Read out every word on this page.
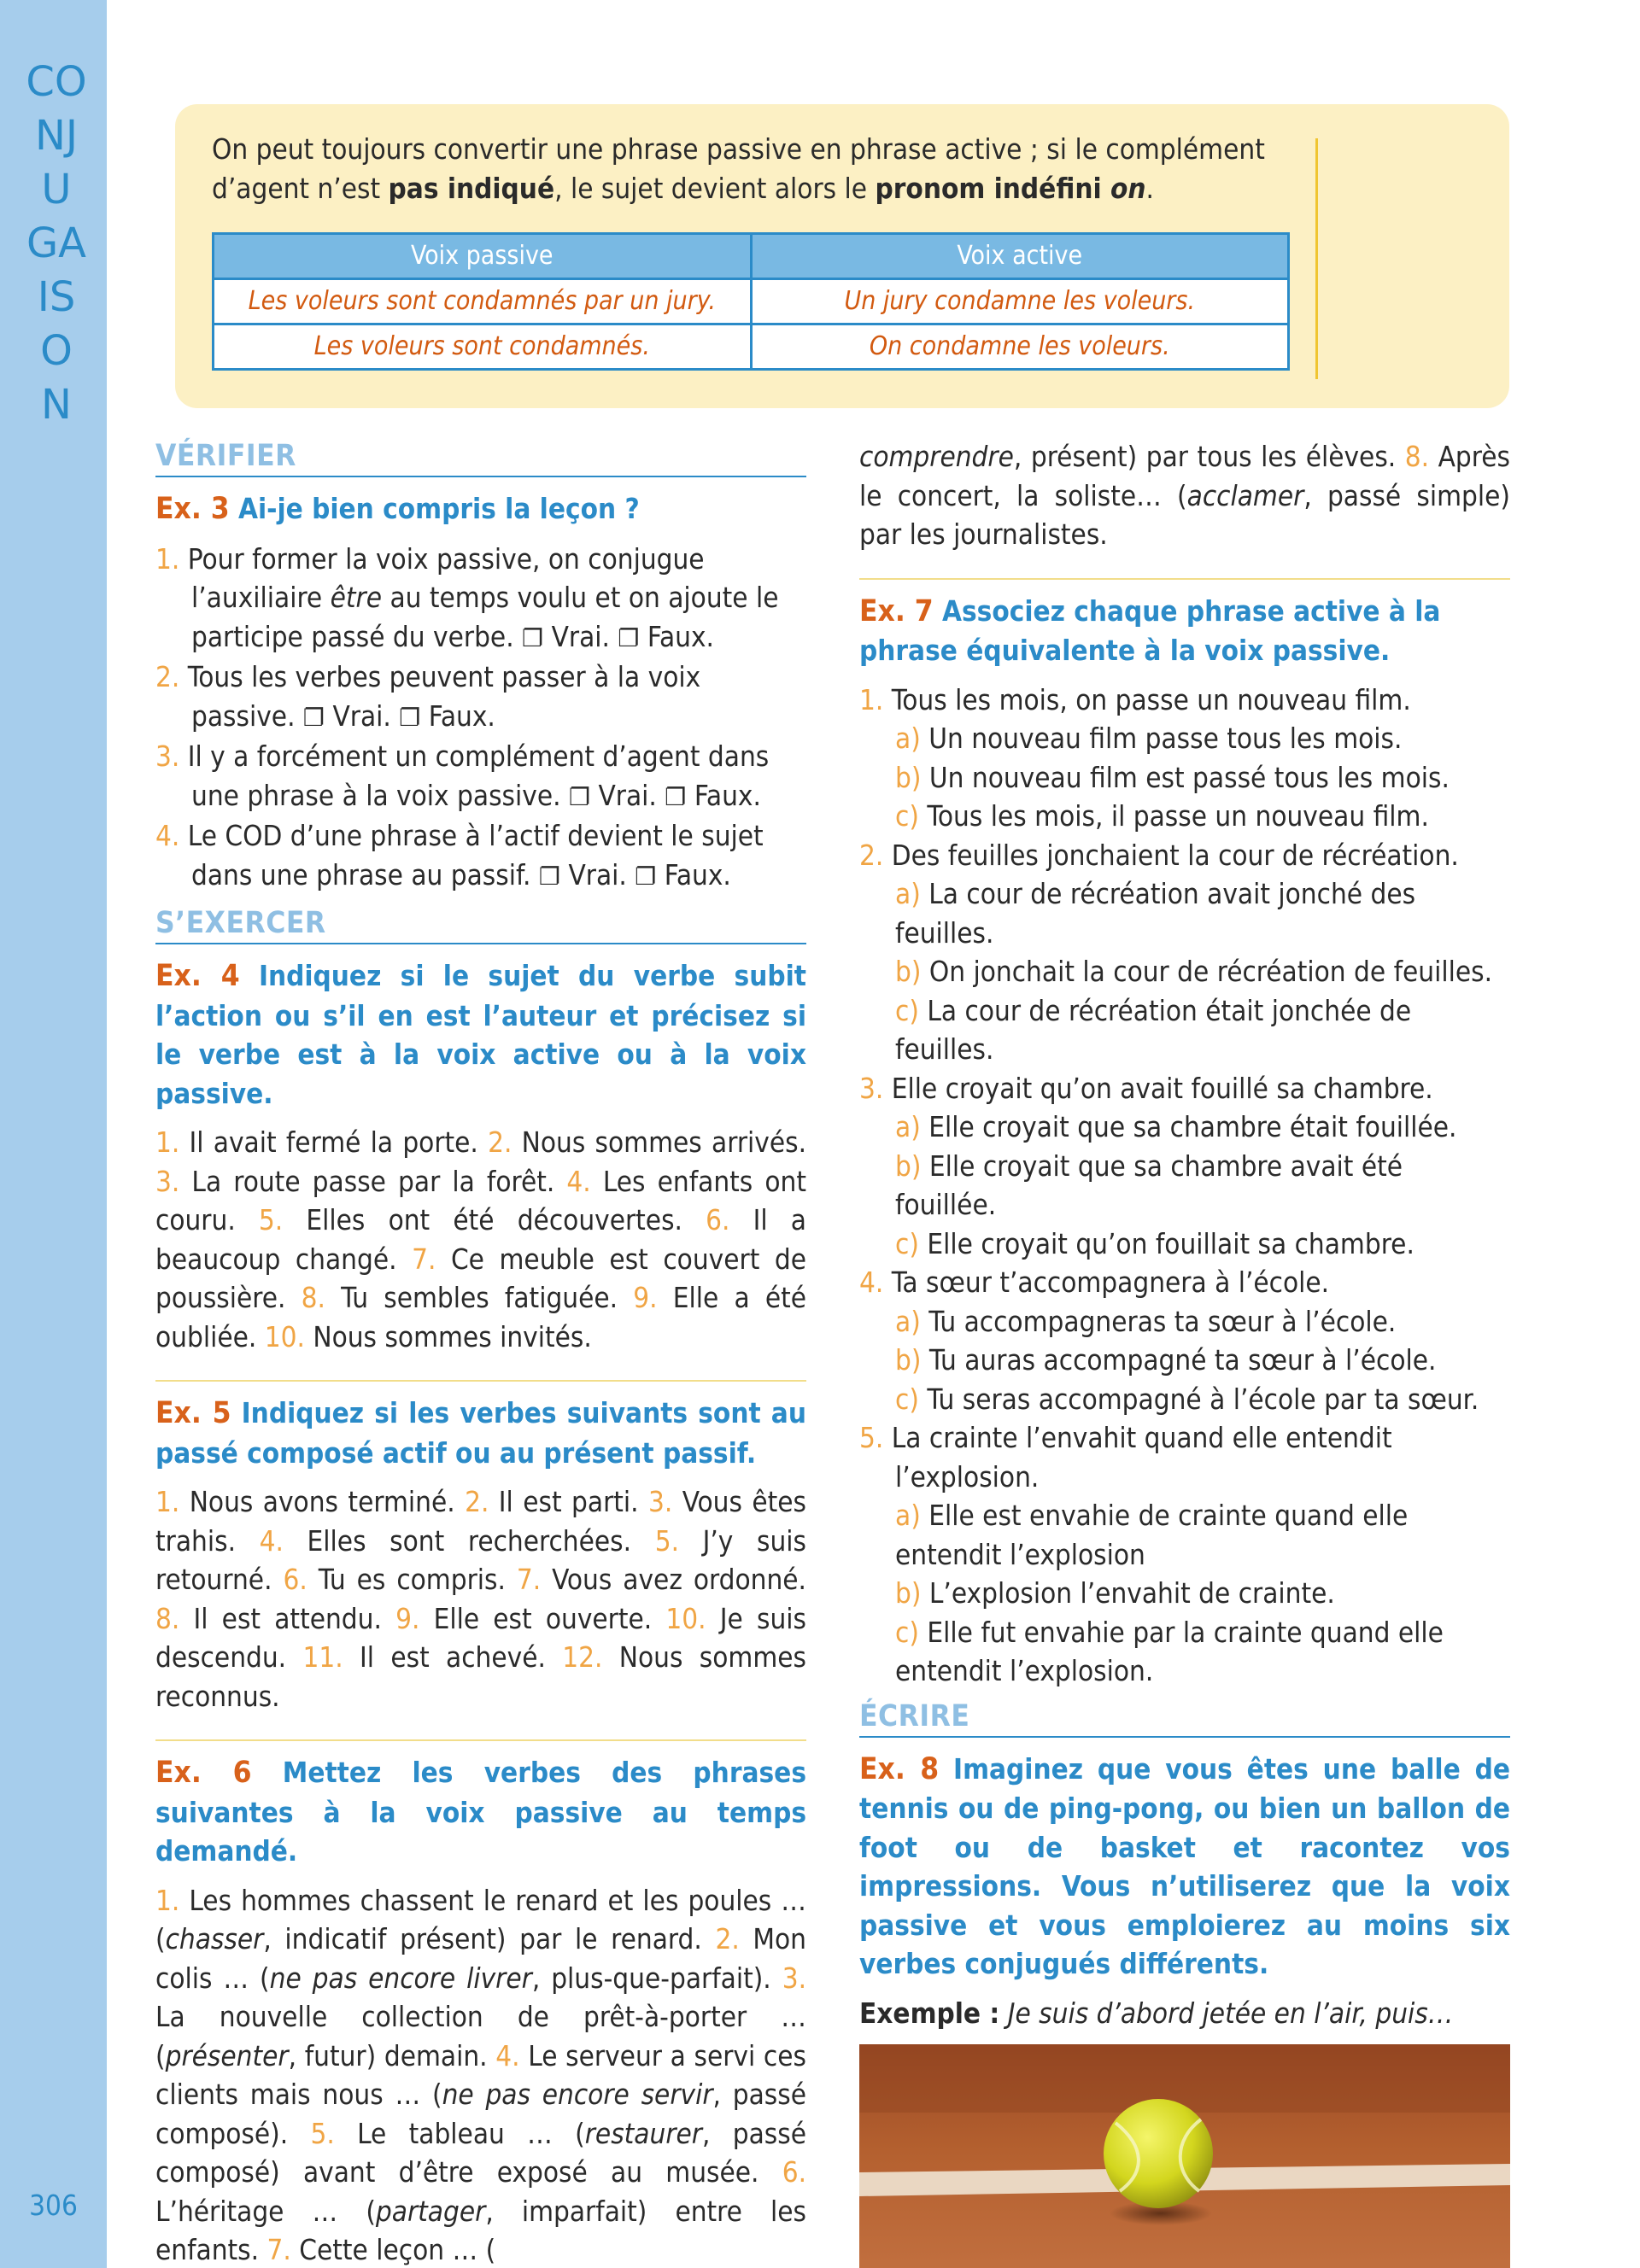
CONJUGAISON
306
On peut toujours convertir une phrase passive en phrase active ; si le complément d’agent n’est pas indiqué, le sujet devient alors le pronom indéfini on.
Voix passive	Voix active
Les voleurs sont condamnés par un jury.	Un jury condamne les voleurs.
Les voleurs sont condamnés.	On condamne les voleurs.
VÉRIFIER
Ex. 3 Ai-je bien compris la leçon ?
1. Pour former la voix passive, on conjugue l’auxiliaire être au temps voulu et on ajoute le participe passé du verbe. ❐ Vrai. ❐ Faux.
2. Tous les verbes peuvent passer à la voix passive. ❐ Vrai. ❐ Faux.
3. Il y a forcément un complément d’agent dans une phrase à la voix passive. ❐ Vrai. ❐ Faux.
4. Le COD d’une phrase à l’actif devient le sujet dans une phrase au passif. ❐ Vrai. ❐ Faux.
S’EXERCER
Ex. 4 Indiquez si le sujet du verbe subit l’action ou s’il en est l’auteur et précisez si le verbe est à la voix active ou à la voix passive.
1. Il avait fermé la porte. 2. Nous sommes arrivés. 3. La route passe par la forêt. 4. Les enfants ont couru. 5. Elles ont été découvertes. 6. Il a beaucoup changé. 7. Ce meuble est couvert de poussière. 8. Tu sembles fatiguée. 9. Elle a été oubliée. 10. Nous sommes invités.
Ex. 5 Indiquez si les verbes suivants sont au passé composé actif ou au présent passif.
1. Nous avons terminé. 2. Il est parti. 3. Vous êtes trahis. 4. Elles sont recherchées. 5. J’y suis retourné. 6. Tu es compris. 7. Vous avez ordonné. 8. Il est attendu. 9. Elle est ouverte. 10. Je suis descendu. 11. Il est achevé. 12. Nous sommes reconnus.
Ex. 6 Mettez les verbes des phrases suivantes à la voix passive au temps demandé.
1. Les hommes chassent le renard et les poules … (chasser, indicatif présent) par le renard. 2. Mon colis … (ne pas encore livrer, plus-que-parfait). 3. La nouvelle collection de prêt-à-porter … (présenter, futur) demain. 4. Le serveur a servi ces clients mais nous … (ne pas encore servir, passé composé). 5. Le tableau … (restaurer, passé composé) avant d’être exposé au musée. 6. L’héritage … (partager, imparfait) entre les enfants. 7. Cette leçon … (
comprendre, présent) par tous les élèves. 8. Après le concert, la soliste… (acclamer, passé simple) par les journalistes.
Ex. 7 Associez chaque phrase active à la phrase équivalente à la voix passive.
1. Tous les mois, on passe un nouveau film.
a) Un nouveau film passe tous les mois.
b) Un nouveau film est passé tous les mois.
c) Tous les mois, il passe un nouveau film.
2. Des feuilles jonchaient la cour de récréation.
a) La cour de récréation avait jonché des feuilles.
b) On jonchait la cour de récréation de feuilles.
c) La cour de récréation était jonchée de feuilles.
3. Elle croyait qu’on avait fouillé sa chambre.
a) Elle croyait que sa chambre était fouillée.
b) Elle croyait que sa chambre avait été fouillée.
c) Elle croyait qu’on fouillait sa chambre.
4. Ta sœur t’accompagnera à l’école.
a) Tu accompagneras ta sœur à l’école.
b) Tu auras accompagné ta sœur à l’école.
c) Tu seras accompagné à l’école par ta sœur.
5. La crainte l’envahit quand elle entendit l’explosion.
a) Elle est envahie de crainte quand elle entendit l’explosion
b) L’explosion l’envahit de crainte.
c) Elle fut envahie par la crainte quand elle entendit l’explosion.
ÉCRIRE
Ex. 8 Imaginez que vous êtes une balle de tennis ou de ping-pong, ou bien un ballon de foot ou de basket et racontez vos impressions. Vous n’utiliserez que la voix passive et vous emploierez au moins six verbes conjugués différents.
Exemple : Je suis d’abord jetée en l’air, puis…
